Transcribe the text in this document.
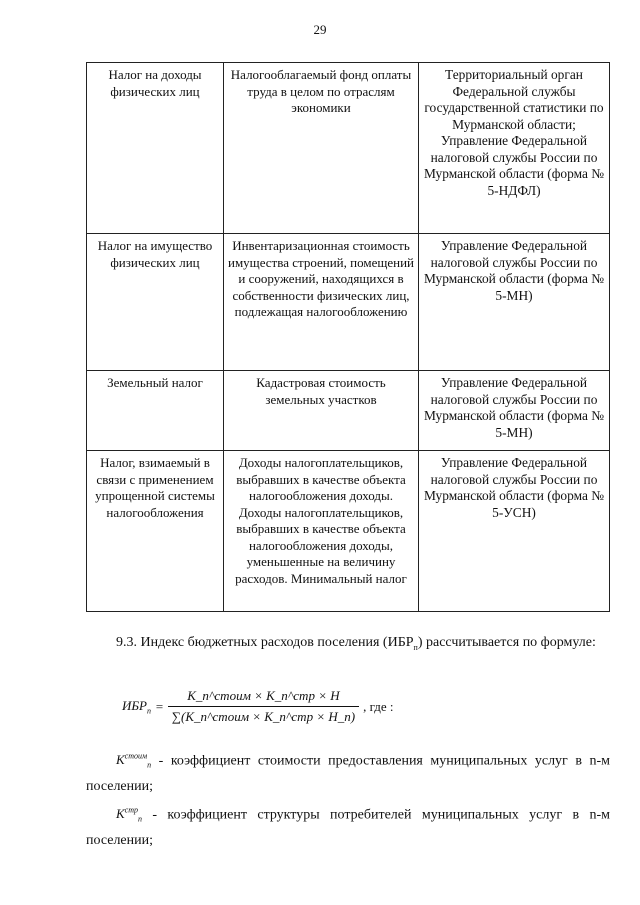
29
Налог на доходы физических лиц	Налогооблагаемый фонд оплаты труда в целом по отраслям экономики	Территориальный орган Федеральной службы государственной статистики по Мурманской области; Управление Федеральной налоговой службы России по Мурманской области (форма № 5-НДФЛ)
Налог на имущество физических лиц	Инвентаризационная стоимость имущества строений, помещений и сооружений, находящихся в собственности физических лиц, подлежащая налогообложению	Управление Федеральной налоговой службы России по Мурманской области (форма № 5-МН)
Земельный налог	Кадастровая стоимость земельных участков	Управление Федеральной налоговой службы России по Мурманской области (форма № 5-МН)
Налог, взимаемый в связи с применением упрощенной системы налогообложения	Доходы налогоплательщиков, выбравших в качестве объекта налогообложения доходы. Доходы налогоплательщиков, выбравших в качестве объекта налогообложения доходы, уменьшенные на величину расходов. Минимальный налог	Управление Федеральной налоговой службы России по Мурманской области (форма № 5-УСН)
9.3. Индекс бюджетных расходов поселения $(ИБР_п)$ рассчитывается по формуле:
$ИБР_п = \frac{\text{K\_п\textasciicircum{}стоим × K\_п\textasciicircum{}стр × Н}}{\text{∑(K\_п\textasciicircum{}стоим × K\_п\textasciicircum{}стр × Н\_п)}}$ , где :
$K^{стоим}_п$ - коэффициент стоимости предоставления муниципальных услуг в n-м поселении;
$K^{стр}_п$ - коэффициент структуры потребителей муниципальных услуг в n-м поселении;
